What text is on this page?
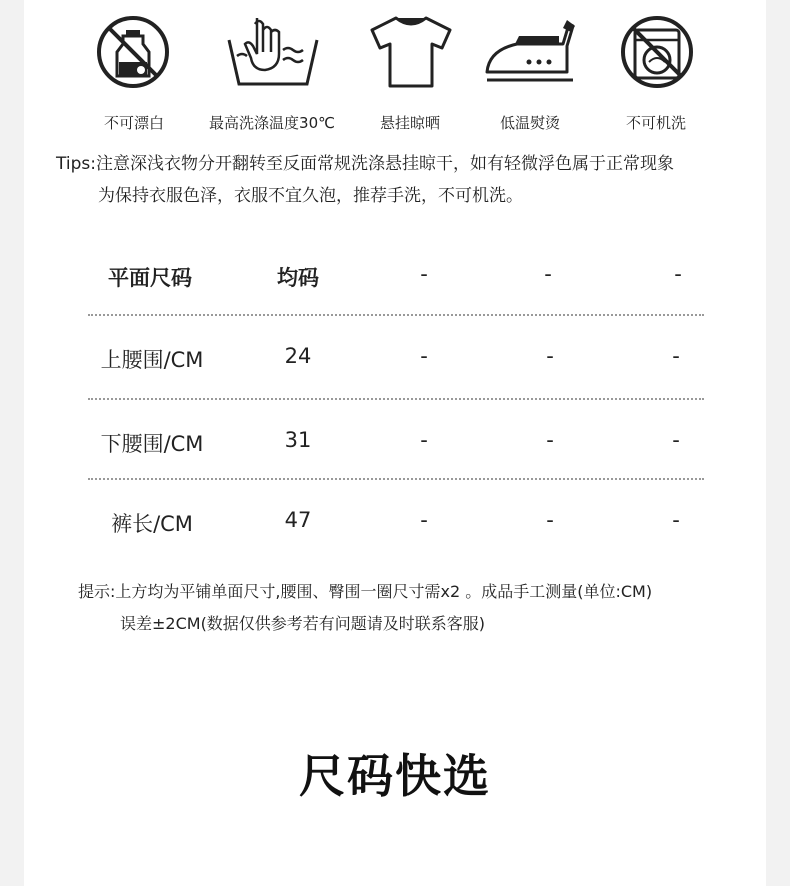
不可漂白	最高洗涤温度30℃	悬挂晾晒	低温熨烫	不可机洗
Tips:注意深浅衣物分开翻转至反面常规洗涤悬挂晾干，如有轻微浮色属于正常现象
为保持衣服色泽，衣服不宜久泡，推荐手洗，不可机洗。
平面尺码	均码	-	-	-
上腰围/CM	24	-	-	-
下腰围/CM	31	-	-	-
裤长/CM	47	-	-	-
提示:上方均为平铺单面尺寸,腰围、臀围一圈尺寸需x2 。成品手工测量(单位:CM)
误差±2CM(数据仅供参考若有问题请及时联系客服)
尺码快选
